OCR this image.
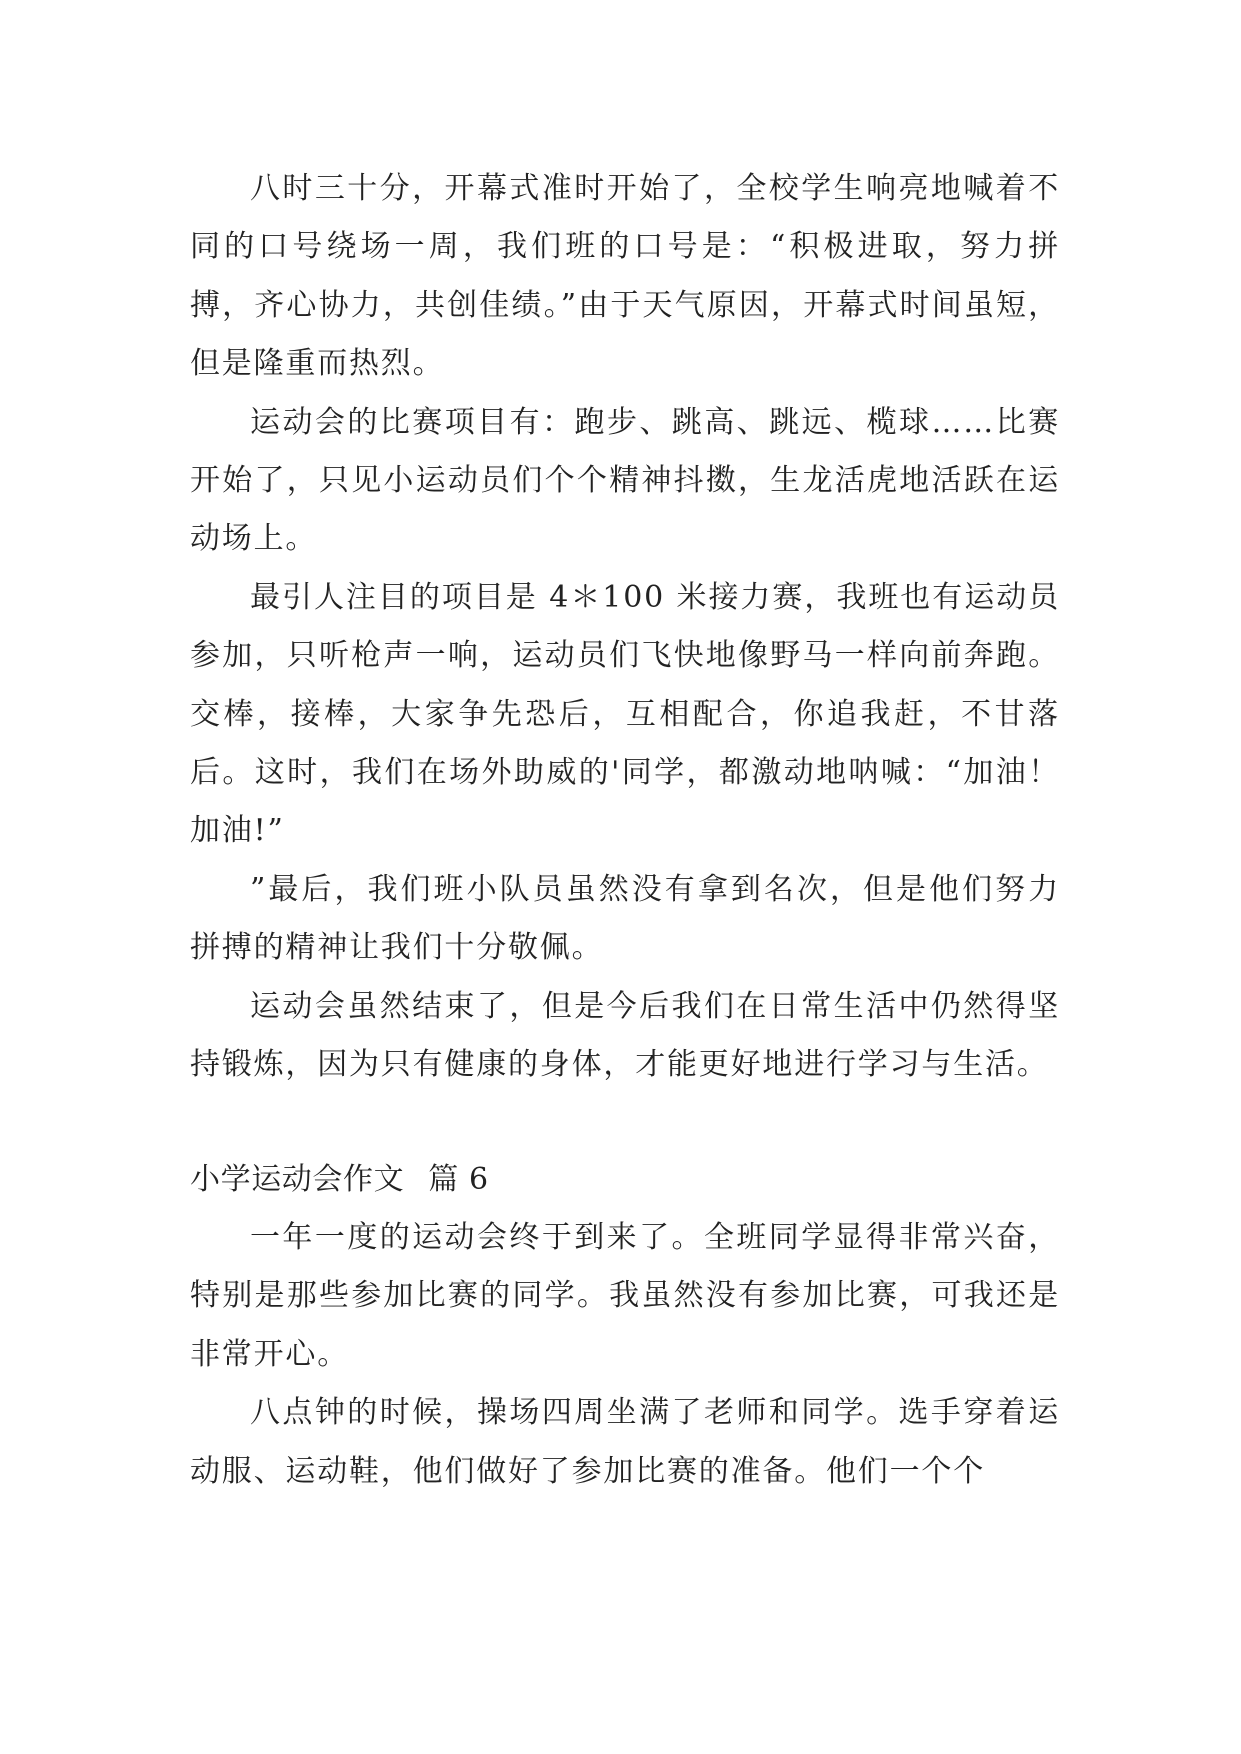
八时三十分，开幕式准时开始了，全校学生响亮地喊着不同的口号绕场一周，我们班的口号是：“积极进取，努力拼搏，齐心协力，共创佳绩。”由于天气原因，开幕式时间虽短，但是隆重而热烈。

运动会的比赛项目有：跑步、跳高、跳远、榄球……比赛开始了，只见小运动员们个个精神抖擞，生龙活虎地活跃在运动场上。

最引人注目的项目是 4＊100 米接力赛，我班也有运动员参加，只听枪声一响，运动员们飞快地像野马一样向前奔跑。交棒，接棒，大家争先恐后，互相配合，你追我赶，不甘落后。这时，我们在场外助威的'同学，都激动地呐喊：“加油！加油!”

”最后，我们班小队员虽然没有拿到名次，但是他们努力拼搏的精神让我们十分敬佩。

运动会虽然结束了，但是今后我们在日常生活中仍然得坚持锻炼，因为只有健康的身体，才能更好地进行学习与生活。

小学运动会作文 篇 6

一年一度的运动会终于到来了。全班同学显得非常兴奋，特别是那些参加比赛的同学。我虽然没有参加比赛，可我还是非常开心。

八点钟的时候，操场四周坐满了老师和同学。选手穿着运动服、运动鞋，他们做好了参加比赛的准备。他们一个个
